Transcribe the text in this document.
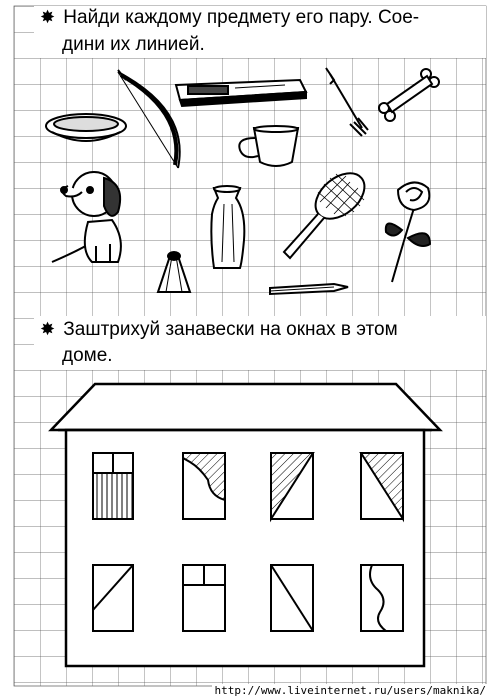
✸ Найди каждому предмету его пару. Сое-
дини их линией.
✸ Заштрихуй занавески на окнах в этом
доме.
http://www.liveinternet.ru/users/maknika/
